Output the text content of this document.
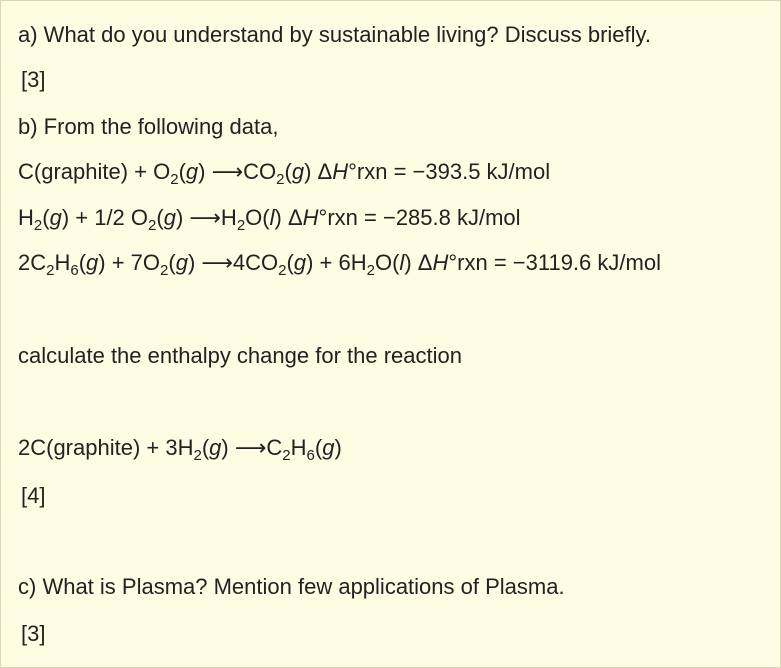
a) What do you understand by sustainable living? Discuss briefly.
[3]
b) From the following data,
C(graphite) + $O_2(g)$ $⟶CO_2(g) \Delta H^\circ rxn = -393.5$ kJ/mol
$H_2(g) + 1/2$ $O_2(g)$ $⟶H_2O(l) \Delta H^\circ rxn = -285.8$ kJ/mol
$2C_2H_6(g) + 7O_2(g)$ $⟶4CO_2(g) + 6H_2O(l) \Delta H^\circ rxn = -3119.6$ kJ/mol
calculate the enthalpy change for the reaction
2C(graphite) + $3H_2(g)$ $⟶C_2H_6(g)$
[4]
c) What is Plasma? Mention few applications of Plasma.
[3]
